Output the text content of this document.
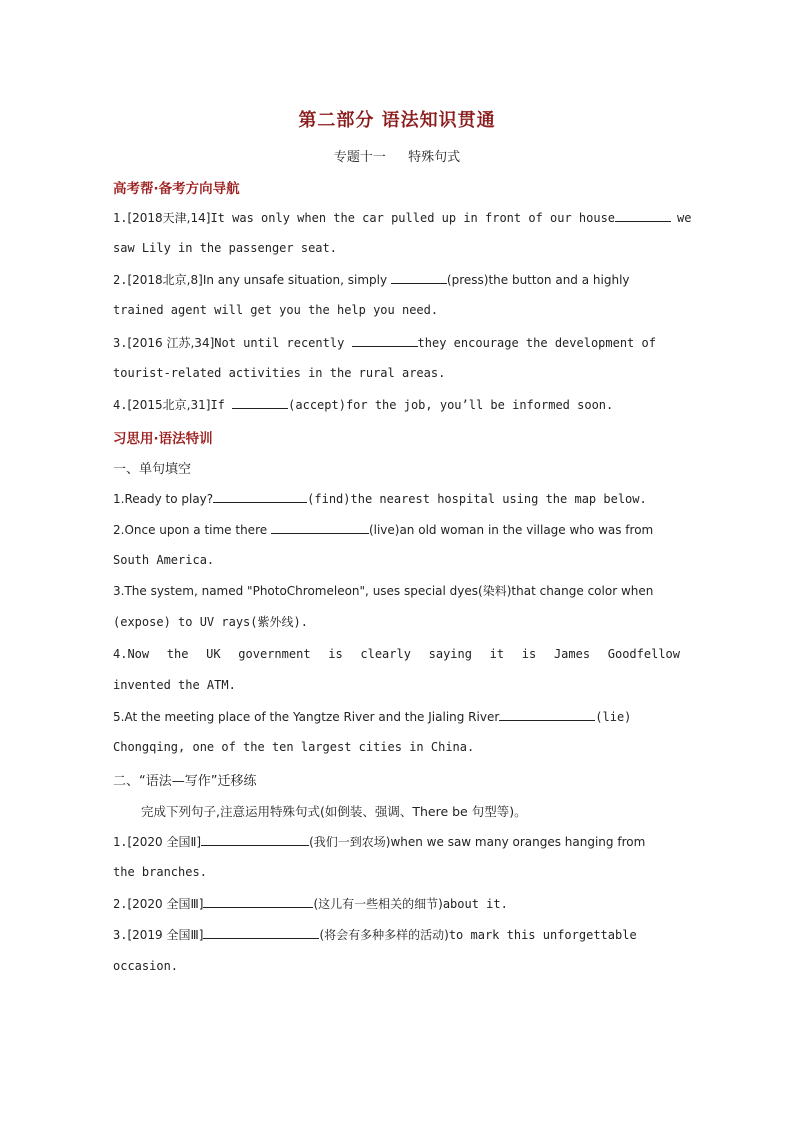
第二部分 语法知识贯通
专题十一 特殊句式
高考帮·备考方向导航
1.[2018天津,14]It was only when the car pulled up in front of our house	we
saw Lily in the passenger seat.
2.[2018北京,8]In any unsafe situation, simply	(press)the button and a highly
trained agent will get you the help you need.
3.[2016 江苏,34]Not until recently	they encourage the development of
tourist-related activities in the rural areas.
4.[2015北京,31]If	(accept)for the job, you’ll be informed soon.
习思用·语法特训
一、单句填空
1.Ready to play?	(find)the nearest hospital using the map below.
2.Once upon a time there	(live)an old woman in the village who was from
South America.
3.The system, named "PhotoChromeleon", uses special dyes(染料)that change color when
(expose) to UV rays(紫外线).
4.Now the UK government is clearly saying it is James Goodfellow
invented the ATM.
5.At the meeting place of the Yangtze River and the Jialing River	(lie)
Chongqing, one of the ten largest cities in China.
二、“语法—写作”迁移练
完成下列句子,注意运用特殊句式(如倒装、强调、There be 句型等)。
1.[2020 全国Ⅱ]	(我们一到农场)when we saw many oranges hanging from
the branches.
2.[2020 全国Ⅲ]	(这儿有一些相关的细节)about it.
3.[2019 全国Ⅲ]	(将会有多种多样的活动)to mark this unforgettable
occasion.
